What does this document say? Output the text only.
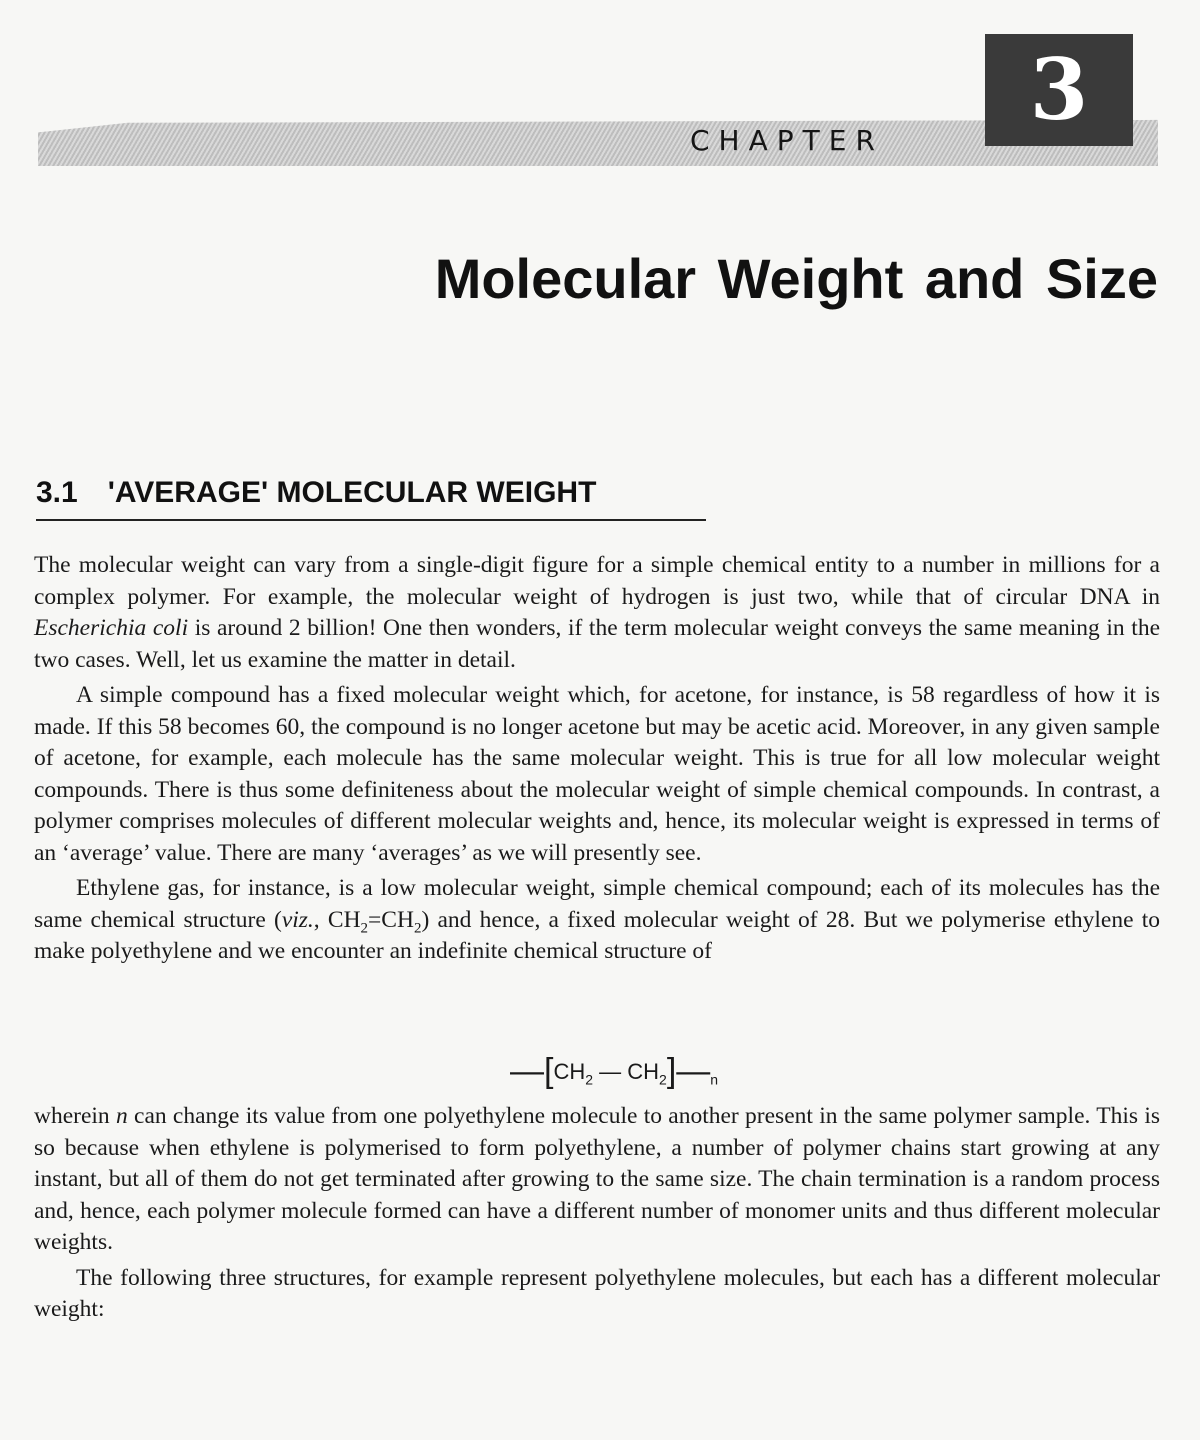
CHAPTER
3
Molecular Weight and Size
3.1 'AVERAGE' MOLECULAR WEIGHT

The molecular weight can vary from a single-digit figure for a simple chemical entity to a number in millions for a complex polymer. For example, the molecular weight of hydrogen is just two, while that of circular DNA in Escherichia coli is around 2 billion! One then wonders, if the term molecular weight conveys the same meaning in the two cases. Well, let us examine the matter in detail.

A simple compound has a fixed molecular weight which, for acetone, for instance, is 58 regardless of how it is made. If this 58 becomes 60, the compound is no longer acetone but may be acetic acid. Moreover, in any given sample of acetone, for example, each molecule has the same molecular weight. This is true for all low molecular weight compounds. There is thus some definiteness about the molecular weight of simple chemical compounds. In contrast, a polymer comprises molecules of different molecular weights and, hence, its molecular weight is expressed in terms of an ‘average’ value. There are many ‘averages’ as we will presently see.

Ethylene gas, for instance, is a low molecular weight, simple chemical compound; each of its molecules has the same chemical structure (viz., $CH_2=CH_2$) and hence, a fixed molecular weight of 28. But we polymerise ethylene to make polyethylene and we encounter an indefinite chemical structure of

$—[CH_2$ — $CH_2]—_n$

wherein n can change its value from one polyethylene molecule to another present in the same polymer sample. This is so because when ethylene is polymerised to form polyethylene, a number of polymer chains start growing at any instant, but all of them do not get terminated after growing to the same size. The chain termination is a random process and, hence, each polymer molecule formed can have a different number of monomer units and thus different molecular weights.

The following three structures, for example represent polyethylene molecules, but each has a different molecular weight:
